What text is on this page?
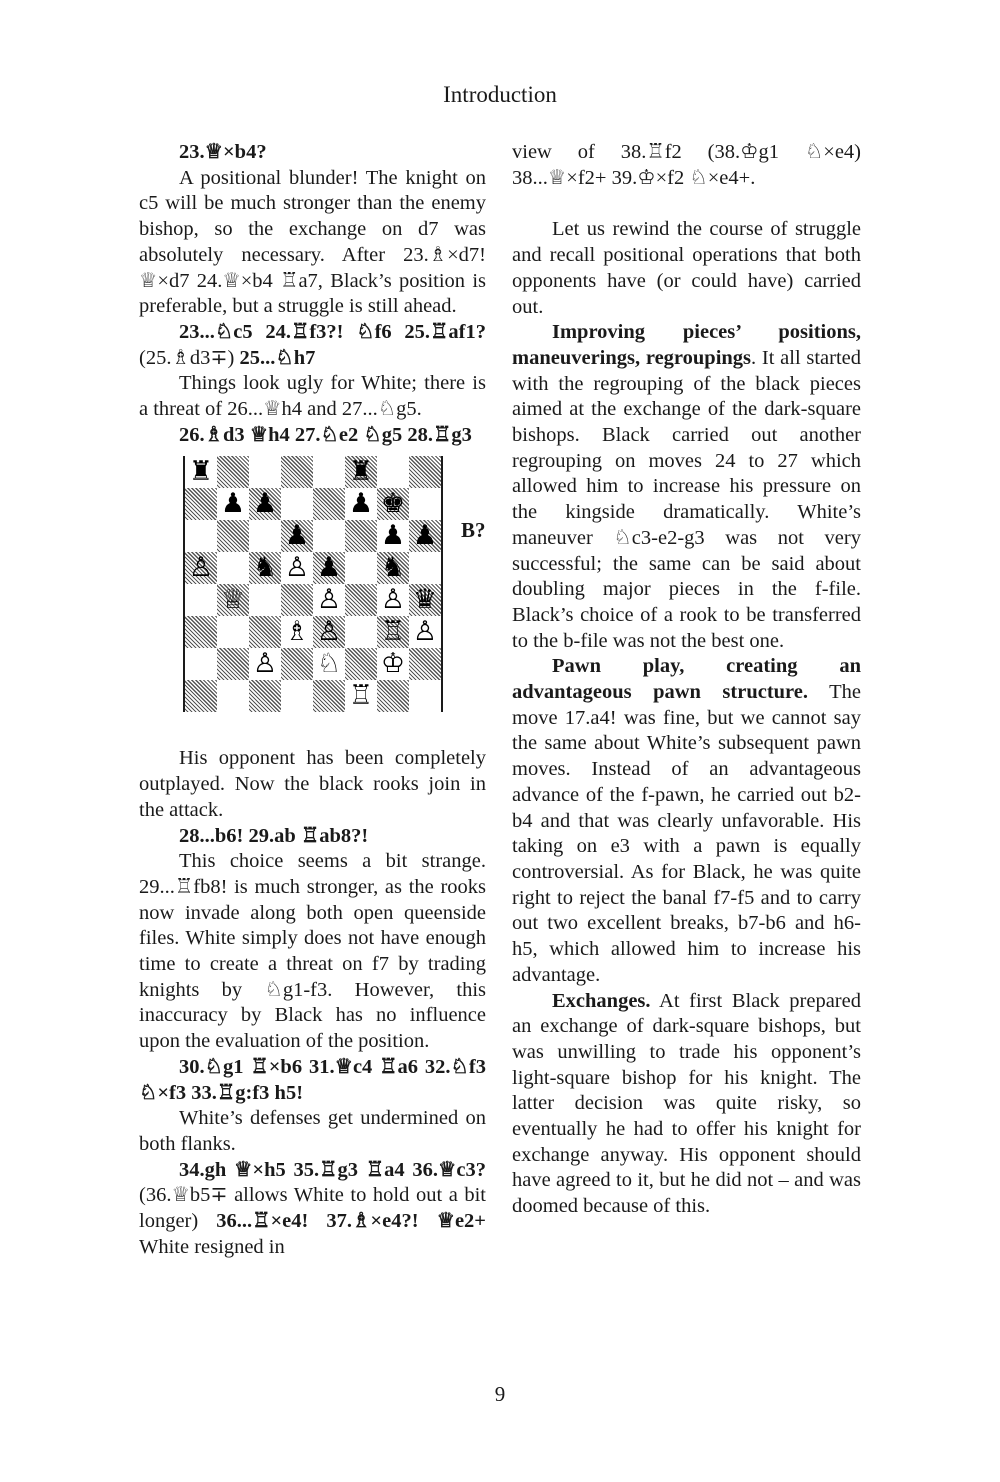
Introduction

23.♕×b4?

A positional blunder! The knight on c5 will be much stronger than the enemy bishop, so the exchange on d7 was absolutely necessary. After 23.♗×d7! ♕×d7 24.♕×b4 ♖a7, Black’s position is preferable, but a struggle is still ahead.

23...♘c5 24.♖f3?! ♘f6 25.♖af1? (25.♗d3∓) 25...♘h7

Things look ugly for White; there is a threat of 26...♕h4 and 27...♘g5.

26.♗d3 ♕h4 27.♘e2 ♘g5 28.♖g3

♜	♜
♟ ♟	♟ ♚
♟	♟ ♟
♙ ♞ ♙ ♟ ♞
♕	♙ ♙ ♛
♗ ♙ ♖ ♙
♙ ♘ ♔
♖
B?

His opponent has been completely outplayed. Now the black rooks join in the attack.

28...b6! 29.ab ♖ab8?!

This choice seems a bit strange. 29...♖fb8! is much stronger, as the rooks now invade along both open queenside files. White simply does not have enough time to create a threat on f7 by trading knights by ♘g1-f3. However, this inaccuracy by Black has no influence upon the evaluation of the position.

30.♘g1 ♖×b6 31.♕c4 ♖a6 32.♘f3 ♘×f3 33.♖g:f3 h5!

White’s defenses get undermined on both flanks.

34.gh ♕×h5 35.♖g3 ♖a4 36.♕c3? (36.♕b5∓ allows White to hold out a bit longer) 36...♖×e4! 37.♗×e4?! ♕e2+ White resigned in

view of 38.♖f2 (38.♔g1 ♘×e4) 38...♕×f2+ 39.♔×f2 ♘×e4+.

Let us rewind the course of struggle and recall positional operations that both opponents have (or could have) carried out.

Improving pieces’ positions, maneuverings, regroupings. It all started with the regrouping of the black pieces aimed at the exchange of the dark-square bishops. Black carried out another regrouping on moves 24 to 27 which allowed him to increase his pressure on the kingside dramatically. White’s maneuver ♘c3-e2-g3 was not very successful; the same can be said about doubling major pieces in the f-file. Black’s choice of a rook to be transferred to the b-file was not the best one.

Pawn play, creating an advantageous pawn structure. The move 17.a4! was fine, but we cannot say the same about White’s subsequent pawn moves. Instead of an advantageous advance of the f-pawn, he carried out b2-b4 and that was clearly unfavorable. His taking on e3 with a pawn is equally controversial. As for Black, he was quite right to reject the banal f7-f5 and to carry out two excellent breaks, b7-b6 and h6-h5, which allowed him to increase his advantage.

Exchanges. At first Black prepared an exchange of dark-square bishops, but was unwilling to trade his opponent’s light-square bishop for his knight. The latter decision was quite risky, so eventually he had to offer his knight for exchange anyway. His opponent should have agreed to it, but he did not – and was doomed because of this.

9
